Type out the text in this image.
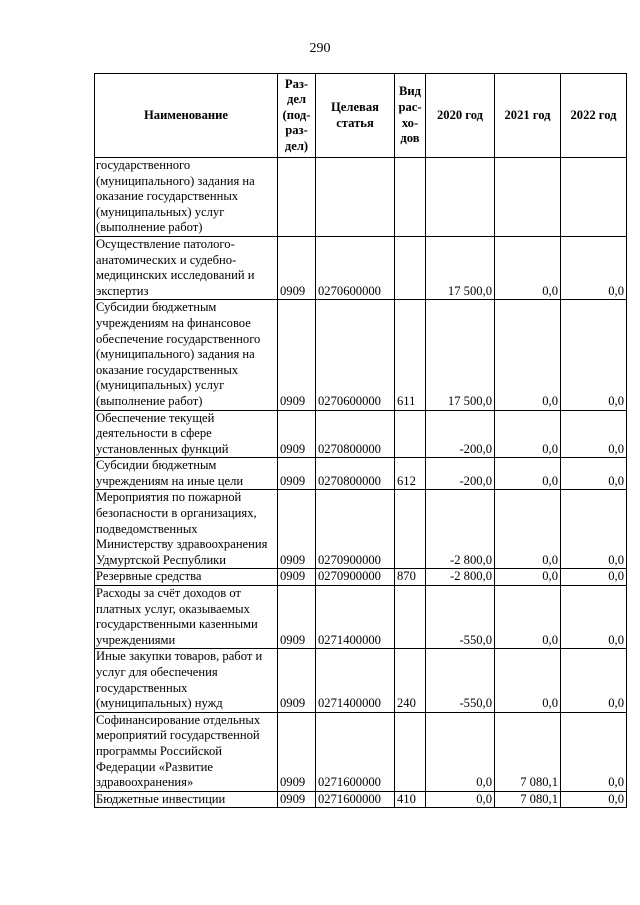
290
Наименование	Раз-дел (под-раз-дел)	Целевая статья	Вид рас-хо-дов	2020 год	2021 год	2022 год
государственного (муниципального) задания на оказание государственных (муниципальных) услуг (выполнение работ)						
Осуществление патолого-анатомических и судебно-медицинских исследований и экспертиз	0909	0270600000		17 500,0	0,0	0,0
Субсидии бюджетным учреждениям на финансовое обеспечение государственного (муниципального) задания на оказание государственных (муниципальных) услуг (выполнение работ)	0909	0270600000	611	17 500,0	0,0	0,0
Обеспечение текущей деятельности в сфере установленных функций	0909	0270800000		-200,0	0,0	0,0
Субсидии бюджетным учреждениям на иные цели	0909	0270800000	612	-200,0	0,0	0,0
Мероприятия по пожарной безопасности в организациях, подведомственных Министерству здравоохранения Удмуртской Республики	0909	0270900000		-2 800,0	0,0	0,0
Резервные средства	0909	0270900000	870	-2 800,0	0,0	0,0
Расходы за счёт доходов от платных услуг, оказываемых государственными казенными учреждениями	0909	0271400000		-550,0	0,0	0,0
Иные закупки товаров, работ и услуг для обеспечения государственных (муниципальных) нужд	0909	0271400000	240	-550,0	0,0	0,0
Софинансирование отдельных мероприятий государственной программы Российской Федерации «Развитие здравоохранения»	0909	0271600000		0,0	7 080,1	0,0
Бюджетные инвестиции	0909	0271600000	410	0,0	7 080,1	0,0
